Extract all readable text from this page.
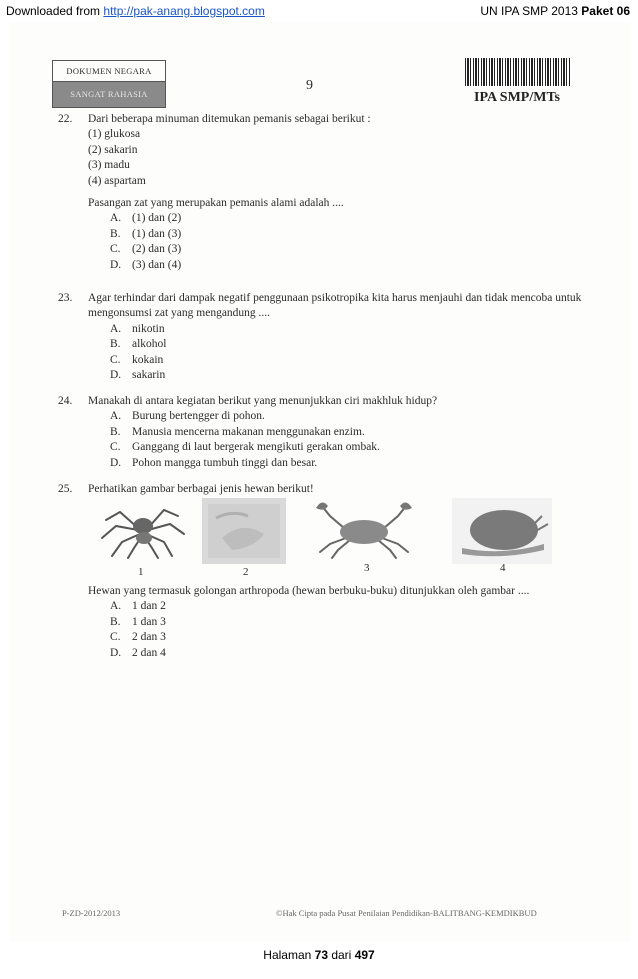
Downloaded from http://pak-anang.blogspot.com	UN IPA SMP 2013 Paket 06
DOKUMEN NEGARA
SANGAT RAHASIA
9
IPA SMP/MTs
22. Dari beberapa minuman ditemukan pemanis sebagai berikut :
(1) glukosa
(2) sakarin
(3) madu
(4) aspartam
Pasangan zat yang merupakan pemanis alami adalah ....
A. (1) dan (2)
B. (1) dan (3)
C. (2) dan (3)
D. (3) dan (4)
23. Agar terhindar dari dampak negatif penggunaan psikotropika kita harus menjauhi dan tidak mencoba untuk mengonsumsi zat yang mengandung ....
A. nikotin
B. alkohol
C. kokain
D. sakarin
24. Manakah di antara kegiatan berikut yang menunjukkan ciri makhluk hidup?
A. Burung bertengger di pohon.
B. Manusia mencerna makanan menggunakan enzim.
C. Ganggang di laut bergerak mengikuti gerakan ombak.
D. Pohon mangga tumbuh tinggi dan besar.
25. Perhatikan gambar berbagai jenis hewan berikut!
1	2	3	4
Hewan yang termasuk golongan arthropoda (hewan berbuku-buku) ditunjukkan oleh gambar ....
A. 1 dan 2
B. 1 dan 3
C. 2 dan 3
D. 2 dan 4
P-ZD-2012/2013	©Hak Cipta pada Pusat Penilaian Pendidikan-BALITBANG-KEMDIKBUD
Halaman 73 dari 497
